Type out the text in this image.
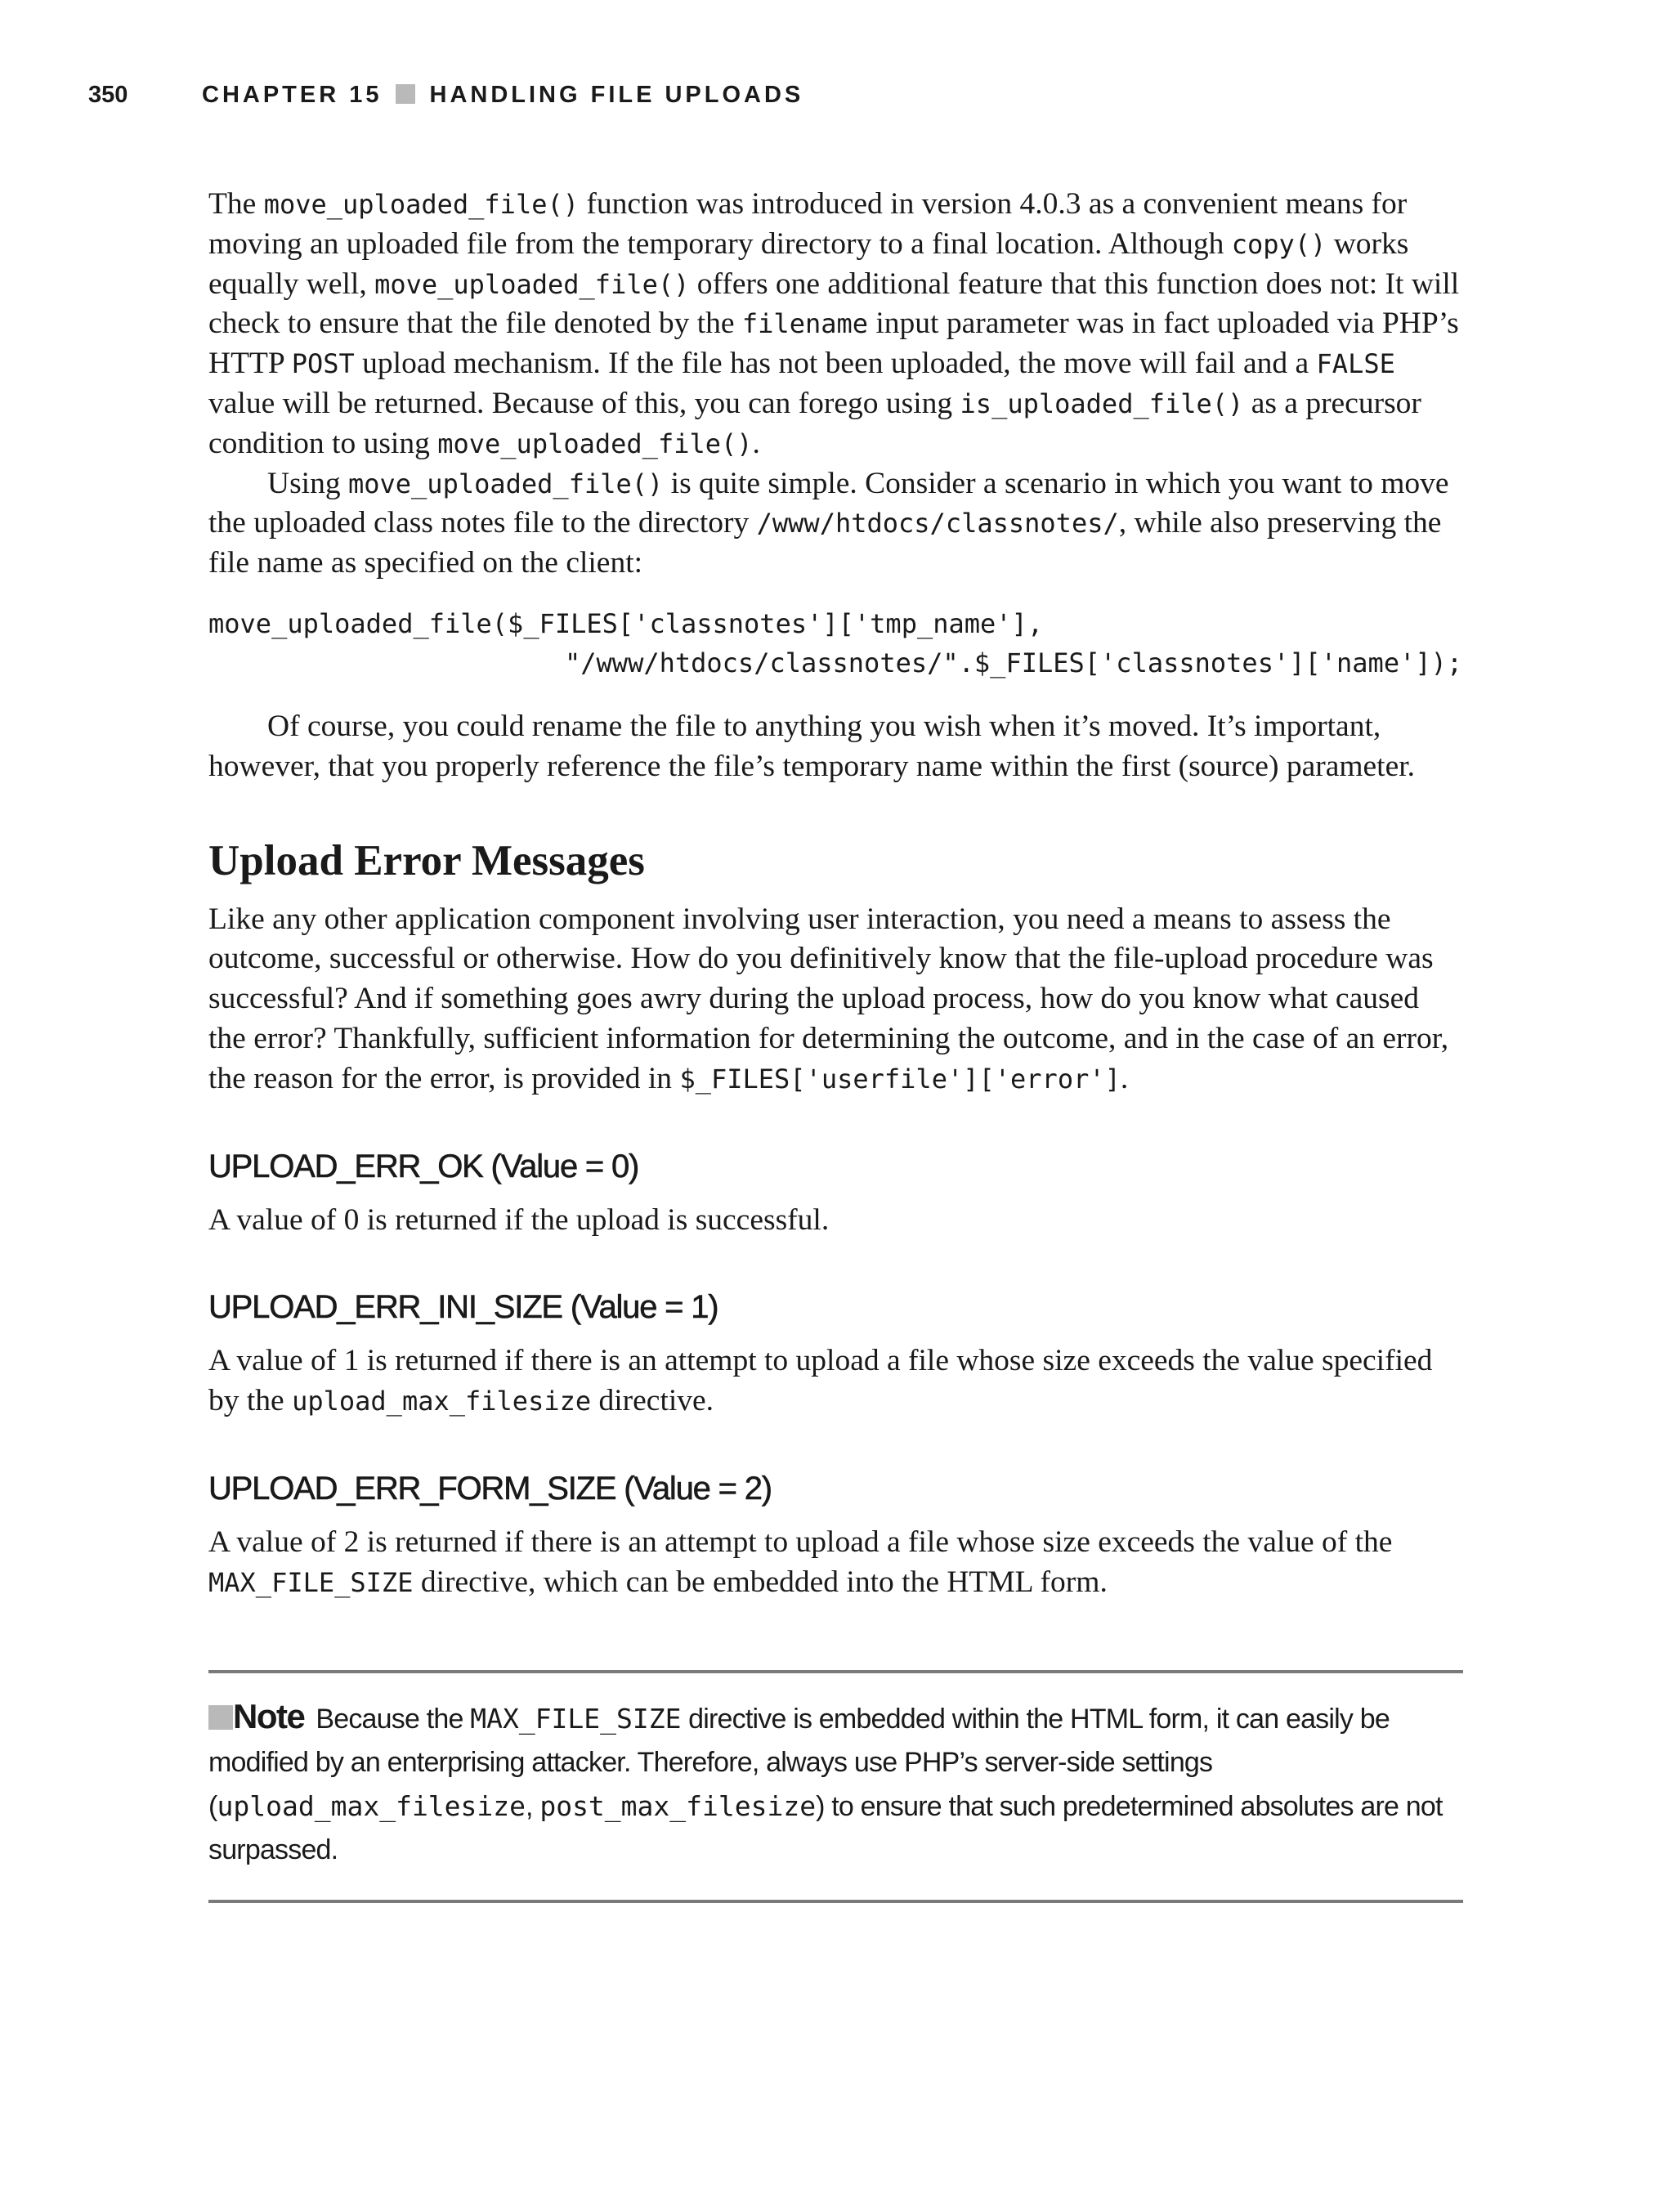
350	CHAPTER 15 HANDLING FILE UPLOADS

The move_uploaded_file() function was introduced in version 4.0.3 as a convenient means for moving an uploaded file from the temporary directory to a final location. Although copy() works equally well, move_uploaded_file() offers one additional feature that this function does not: It will check to ensure that the file denoted by the filename input parameter was in fact uploaded via PHP’s HTTP POST upload mechanism. If the file has not been uploaded, the move will fail and a FALSE value will be returned. Because of this, you can forego using is_uploaded_file() as a precursor condition to using move_uploaded_file().

Using move_uploaded_file() is quite simple. Consider a scenario in which you want to move the uploaded class notes file to the directory /www/htdocs/classnotes/, while also preserving the file name as specified on the client:

move_uploaded_file($_FILES['classnotes']['tmp_name'],
"/www/htdocs/classnotes/".$_FILES['classnotes']['name']);

Of course, you could rename the file to anything you wish when it’s moved. It’s important, however, that you properly reference the file’s temporary name within the first (source) parameter.

Upload Error Messages

Like any other application component involving user interaction, you need a means to assess the outcome, successful or otherwise. How do you definitively know that the file-upload procedure was successful? And if something goes awry during the upload process, how do you know what caused the error? Thankfully, sufficient information for determining the outcome, and in the case of an error, the reason for the error, is provided in $_FILES['userfile']['error'].

UPLOAD_ERR_OK (Value = 0)

A value of 0 is returned if the upload is successful.

UPLOAD_ERR_INI_SIZE (Value = 1)

A value of 1 is returned if there is an attempt to upload a file whose size exceeds the value specified by the upload_max_filesize directive.

UPLOAD_ERR_FORM_SIZE (Value = 2)

A value of 2 is returned if there is an attempt to upload a file whose size exceeds the value of the MAX_FILE_SIZE directive, which can be embedded into the HTML form.

Note Because the MAX_FILE_SIZE directive is embedded within the HTML form, it can easily be modified by an enterprising attacker. Therefore, always use PHP’s server-side settings (upload_max_filesize, post_max_filesize) to ensure that such predetermined absolutes are not surpassed.
